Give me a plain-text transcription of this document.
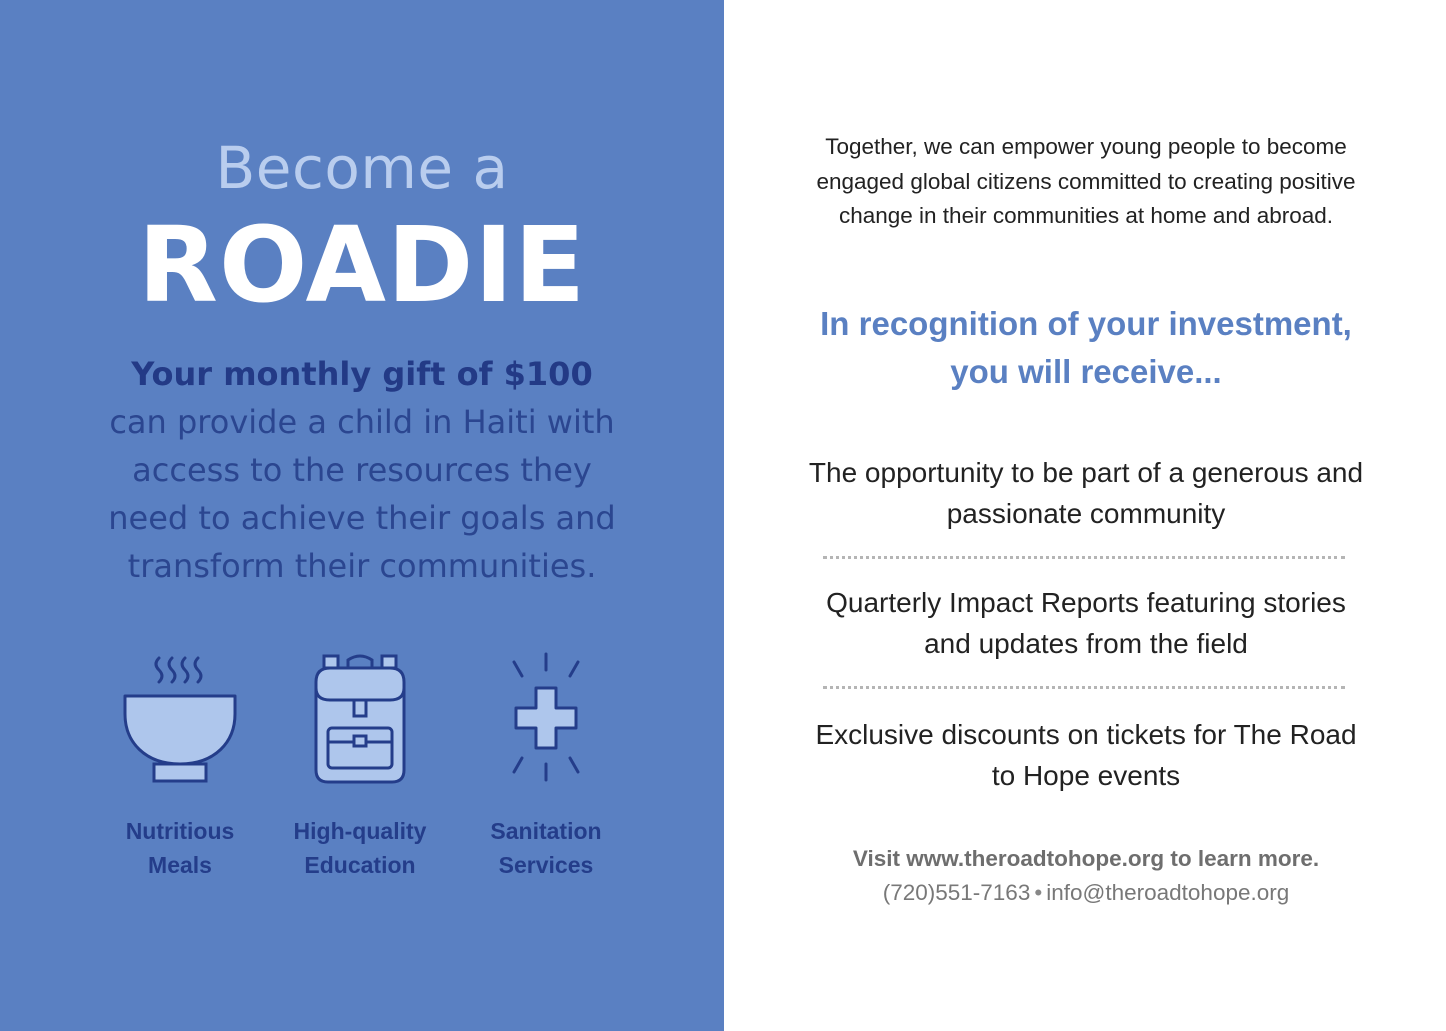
Become a
ROADIE
Your monthly gift of $100
can provide a child in Haiti with access to the resources they need to achieve their goals and transform their communities.
Nutritious
Meals
High-quality
Education
Sanitation
Services
Together, we can empower young people to become engaged global citizens committed to creating positive change in their communities at home and abroad.
In recognition of your investment, you will receive...
The opportunity to be part of a generous and passionate community
Quarterly Impact Reports featuring stories and updates from the field
Exclusive discounts on tickets for The Road to Hope events
Visit www.theroadtohope.org to learn more.
(720)551-7163 • info@theroadtohope.org
